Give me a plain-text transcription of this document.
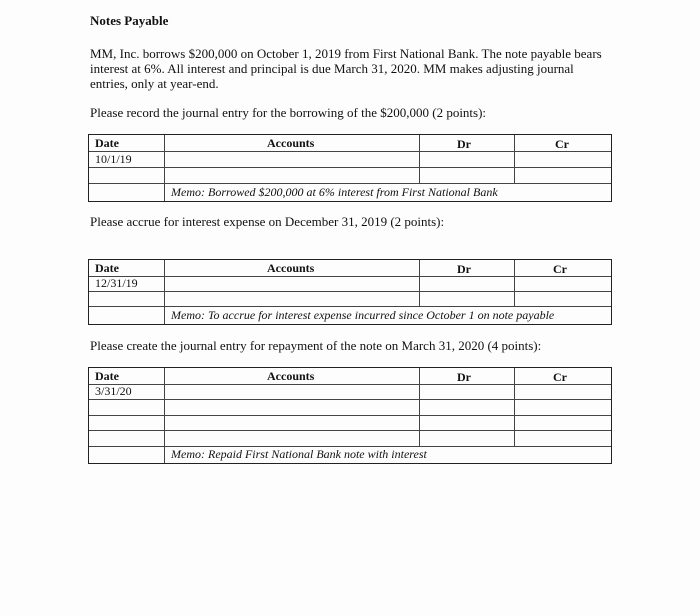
Notes Payable
MM, Inc. borrows $200,000 on October 1, 2019 from First National Bank. The note payable bears interest at 6%. All interest and principal is due March 31, 2020. MM makes adjusting journal entries, only at year-end.
Please record the journal entry for the borrowing of the $200,000 (2 points):
Date	Accounts	Dr	Cr
10/1/19
Memo: Borrowed $200,000 at 6% interest from First National Bank
Please accrue for interest expense on December 31, 2019 (2 points):
Date	Accounts	Dr	Cr
12/31/19
Memo: To accrue for interest expense incurred since October 1 on note payable
Please create the journal entry for repayment of the note on March 31, 2020 (4 points):
Date	Accounts	Dr	Cr
3/31/20
Memo: Repaid First National Bank note with interest
